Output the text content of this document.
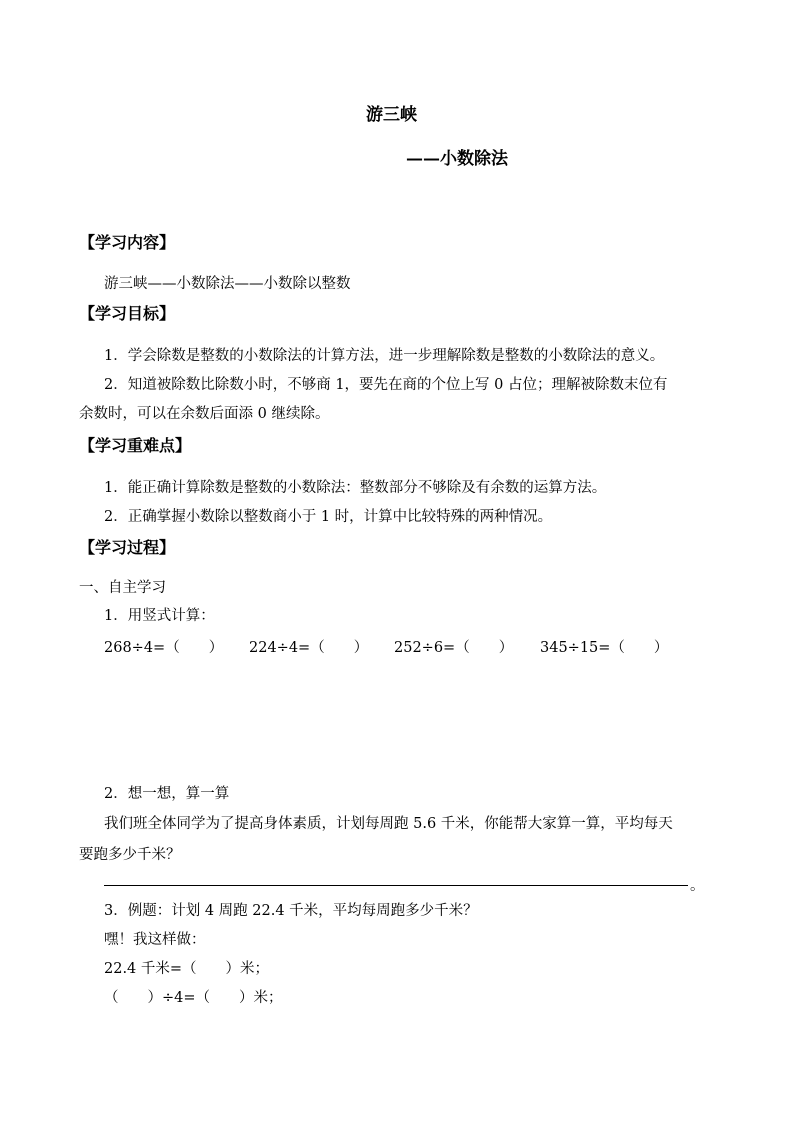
游三峡
——小数除法
【学习内容】
游三峡——小数除法——小数除以整数
【学习目标】
1．学会除数是整数的小数除法的计算方法，进一步理解除数是整数的小数除法的意义。
2．知道被除数比除数小时，不够商 1，要先在商的个位上写 0 占位；理解被除数末位有
余数时，可以在余数后面添 0 继续除。
【学习重难点】
1．能正确计算除数是整数的小数除法：整数部分不够除及有余数的运算方法。
2．正确掌握小数除以整数商小于 1 时，计算中比较特殊的两种情况。
【学习过程】
一、自主学习
1．用竖式计算：
268÷4=（　　） 224÷4=（　　） 252÷6=（　　） 345÷15=（　　）
2．想一想，算一算
我们班全体同学为了提高身体素质，计划每周跑 5.6 千米，你能帮大家算一算，平均每天
要跑多少千米？
。
3．例题：计划 4 周跑 22.4 千米，平均每周跑多少千米？
嘿！我这样做：
22.4 千米=（　　）米；
（　　）÷4=（　　）米；
